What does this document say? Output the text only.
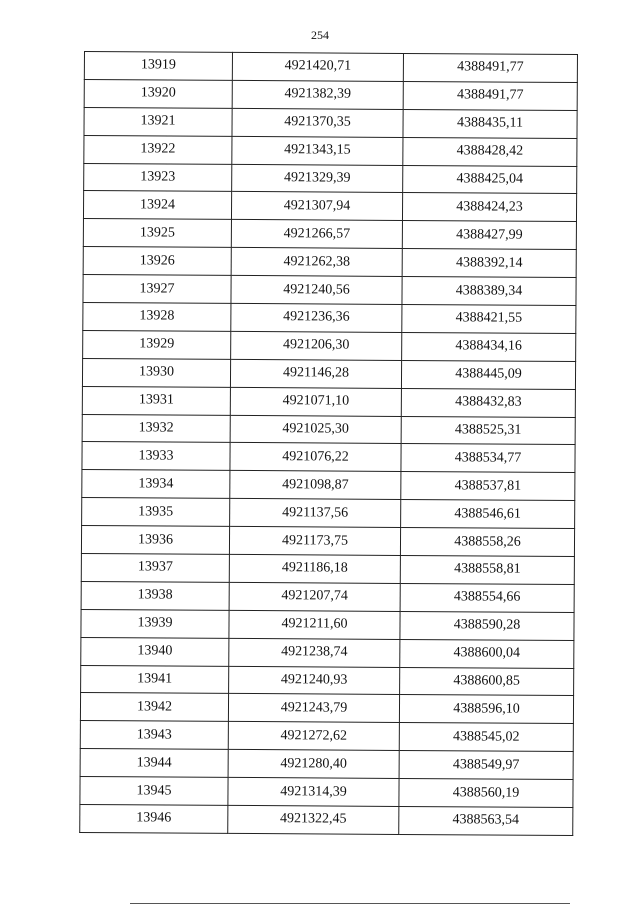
254
13919	4921420,71	4388491,77
13920	4921382,39	4388491,77
13921	4921370,35	4388435,11
13922	4921343,15	4388428,42
13923	4921329,39	4388425,04
13924	4921307,94	4388424,23
13925	4921266,57	4388427,99
13926	4921262,38	4388392,14
13927	4921240,56	4388389,34
13928	4921236,36	4388421,55
13929	4921206,30	4388434,16
13930	4921146,28	4388445,09
13931	4921071,10	4388432,83
13932	4921025,30	4388525,31
13933	4921076,22	4388534,77
13934	4921098,87	4388537,81
13935	4921137,56	4388546,61
13936	4921173,75	4388558,26
13937	4921186,18	4388558,81
13938	4921207,74	4388554,66
13939	4921211,60	4388590,28
13940	4921238,74	4388600,04
13941	4921240,93	4388600,85
13942	4921243,79	4388596,10
13943	4921272,62	4388545,02
13944	4921280,40	4388549,97
13945	4921314,39	4388560,19
13946	4921322,45	4388563,54
